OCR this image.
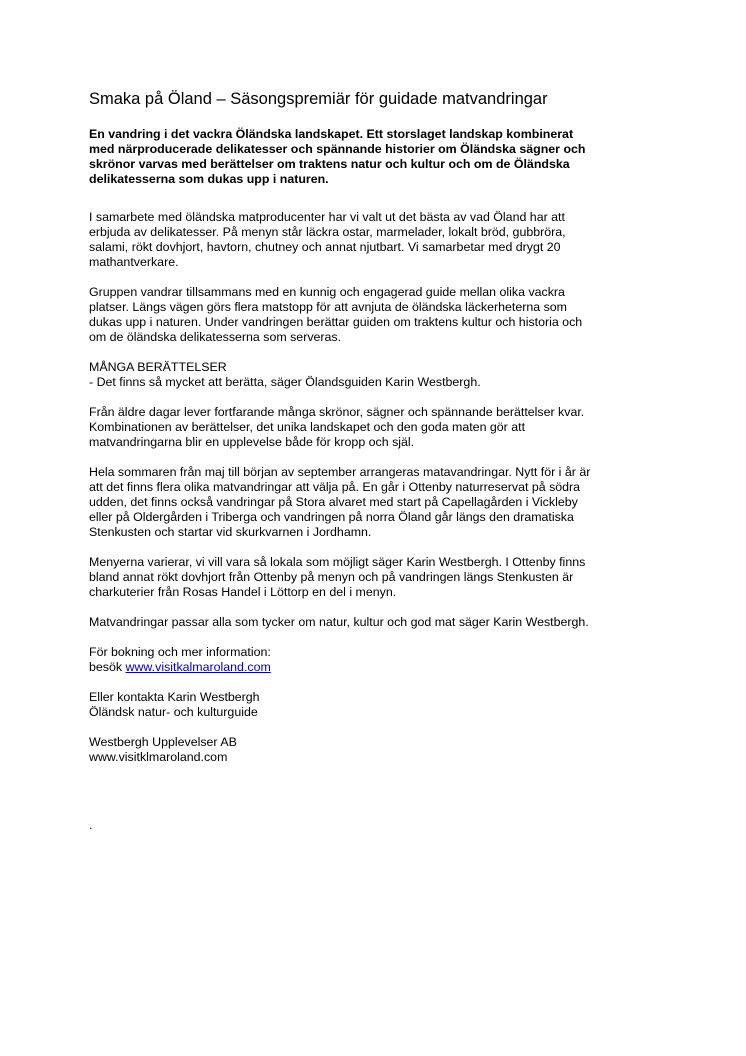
Smaka på Öland – Säsongspremiär för guidade matvandringar
En vandring i det vackra Öländska landskapet. Ett storslaget landskap kombinerat
med närproducerade delikatesser och spännande historier om Öländska sägner och
skrönor varvas med berättelser om traktens natur och kultur och om de Öländska
delikatesserna som dukas upp i naturen.
I samarbete med öländska matproducenter har vi valt ut det bästa av vad Öland har att
erbjuda av delikatesser. På menyn står läckra ostar, marmelader, lokalt bröd, gubbröra,
salami, rökt dovhjort, havtorn, chutney och annat njutbart. Vi samarbetar med drygt 20
mathantverkare.
Gruppen vandrar tillsammans med en kunnig och engagerad guide mellan olika vackra
platser. Längs vägen görs flera matstopp för att avnjuta de öländska läckerheterna som
dukas upp i naturen. Under vandringen berättar guiden om traktens kultur och historia och
om de öländska delikatesserna som serveras.
MÅNGA BERÄTTELSER
- Det finns så mycket att berätta, säger Ölandsguiden Karin Westbergh.
Från äldre dagar lever fortfarande många skrönor, sägner och spännande berättelser kvar.
Kombinationen av berättelser, det unika landskapet och den goda maten gör att
matvandringarna blir en upplevelse både för kropp och själ.
Hela sommaren från maj till början av september arrangeras matavandringar. Nytt för i år är
att det finns flera olika matvandringar att välja på. En går i Ottenby naturreservat på södra
udden, det finns också vandringar på Stora alvaret med start på Capellagården i Vickleby
eller på Oldergården i Triberga och vandringen på norra Öland går längs den dramatiska
Stenkusten och startar vid skurkvarnen i Jordhamn.
Menyerna varierar, vi vill vara så lokala som möjligt säger Karin Westbergh. I Ottenby finns
bland annat rökt dovhjort från Ottenby på menyn och på vandringen längs Stenkusten är
charkuterier från Rosas Handel i Löttorp en del i menyn.
Matvandringar passar alla som tycker om natur, kultur och god mat säger Karin Westbergh.
För bokning och mer information:
besök www.visitkalmaroland.com
Eller kontakta Karin Westbergh
Öländsk natur- och kulturguide
Westbergh Upplevelser AB
www.visitklmaroland.com
.
